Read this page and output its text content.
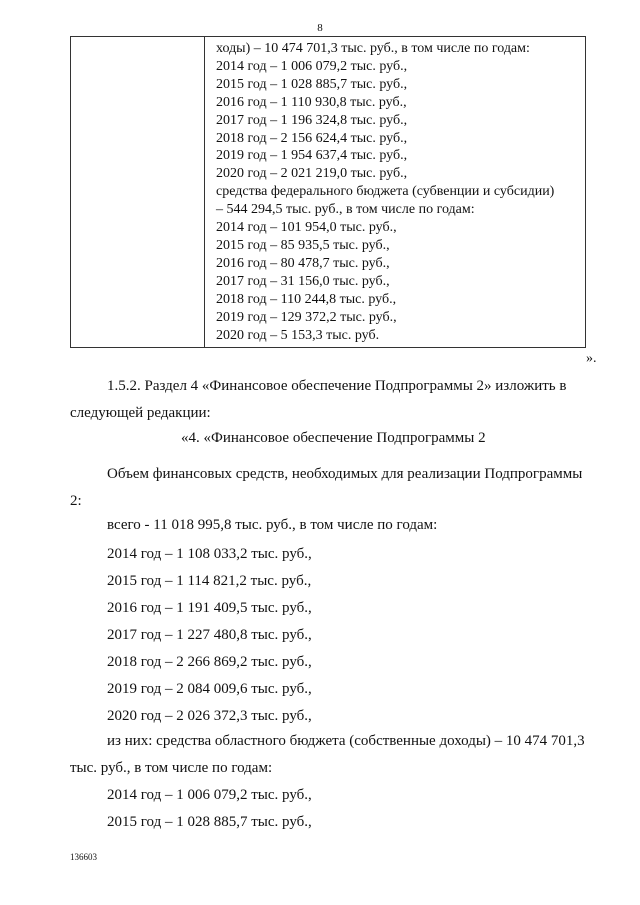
8
ходы) – 10 474 701,3 тыс. руб., в том числе по годам:
2014 год – 1 006 079,2 тыс. руб.,
2015 год – 1 028 885,7 тыс. руб.,
2016 год – 1 110 930,8 тыс. руб.,
2017 год – 1 196 324,8 тыс. руб.,
2018 год – 2 156 624,4 тыс. руб.,
2019 год – 1 954 637,4 тыс. руб.,
2020 год – 2 021 219,0 тыс. руб.,
средства федерального бюджета (субвенции и субсидии)
– 544 294,5 тыс. руб., в том числе по годам:
2014 год – 101 954,0 тыс. руб.,
2015 год – 85 935,5 тыс. руб.,
2016 год – 80 478,7 тыс. руб.,
2017 год – 31 156,0 тыс. руб.,
2018 год – 110 244,8 тыс. руб.,
2019 год – 129 372,2 тыс. руб.,
2020 год – 5 153,3 тыс. руб.
».
1.5.2. Раздел 4 «Финансовое обеспечение Подпрограммы 2» изложить в
следующей редакции:
«4. «Финансовое обеспечение Подпрограммы 2
Объем финансовых средств, необходимых для реализации Подпрограммы
2:
всего - 11 018 995,8 тыс. руб., в том числе по годам:
2014 год – 1 108 033,2 тыс. руб.,
2015 год – 1 114 821,2 тыс. руб.,
2016 год – 1 191 409,5 тыс. руб.,
2017 год – 1 227 480,8 тыс. руб.,
2018 год – 2 266 869,2 тыс. руб.,
2019 год – 2 084 009,6 тыс. руб.,
2020 год – 2 026 372,3 тыс. руб.,
из них: средства областного бюджета (собственные доходы) – 10 474 701,3
тыс. руб., в том числе по годам:
2014 год – 1 006 079,2 тыс. руб.,
2015 год – 1 028 885,7 тыс. руб.,
136603
